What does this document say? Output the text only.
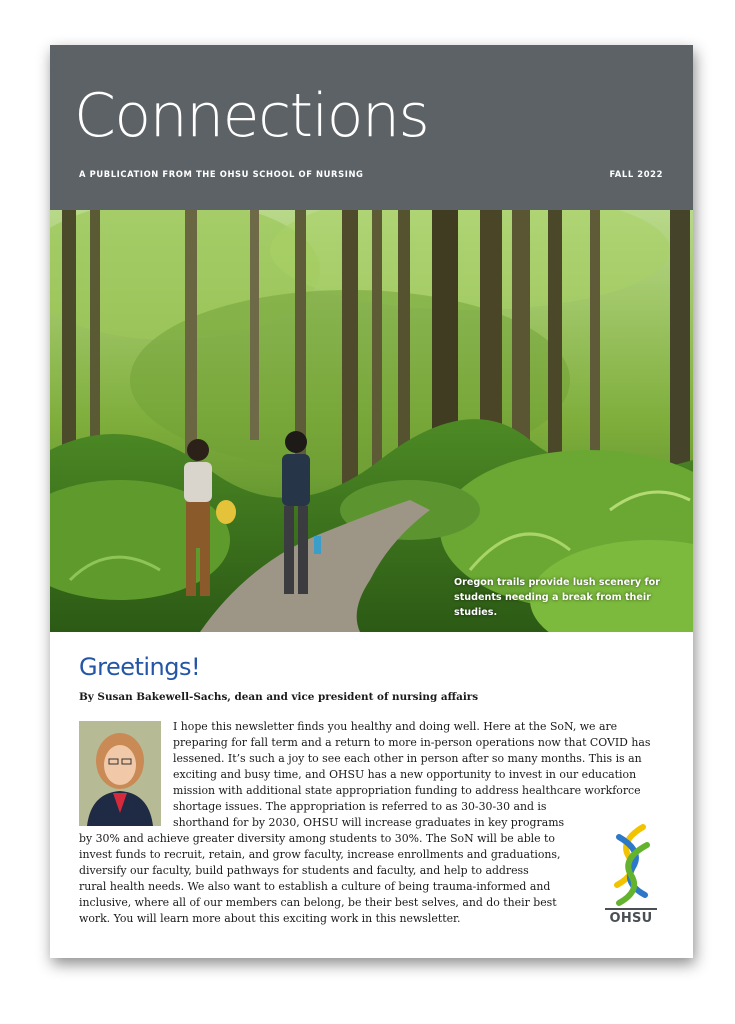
Connections
A PUBLICATION FROM THE OHSU SCHOOL OF NURSING	FALL 2022
Oregon trails provide lush scenery for students needing a break from their studies.
Greetings!
By Susan Bakewell-Sachs, dean and vice president of nursing affairs
I hope this newsletter finds you healthy and doing well. Here at the SoN, we are
preparing for fall term and a return to more in-person operations now that COVID has
lessened. It’s such a joy to see each other in person after so many months. This is an
exciting and busy time, and OHSU has a new opportunity to invest in our education
mission with additional state appropriation funding to address healthcare workforce
shortage issues. The appropriation is referred to as 30-30-30 and is
shorthand for by 2030, OHSU will increase graduates in key programs
by 30% and achieve greater diversity among students to 30%. The SoN will be able to
invest funds to recruit, retain, and grow faculty, increase enrollments and graduations,
diversify our faculty, build pathways for students and faculty, and help to address
rural health needs. We also want to establish a culture of being trauma-informed and
inclusive, where all of our members can belong, be their best selves, and do their best
work. You will learn more about this exciting work in this newsletter.	OHSU
